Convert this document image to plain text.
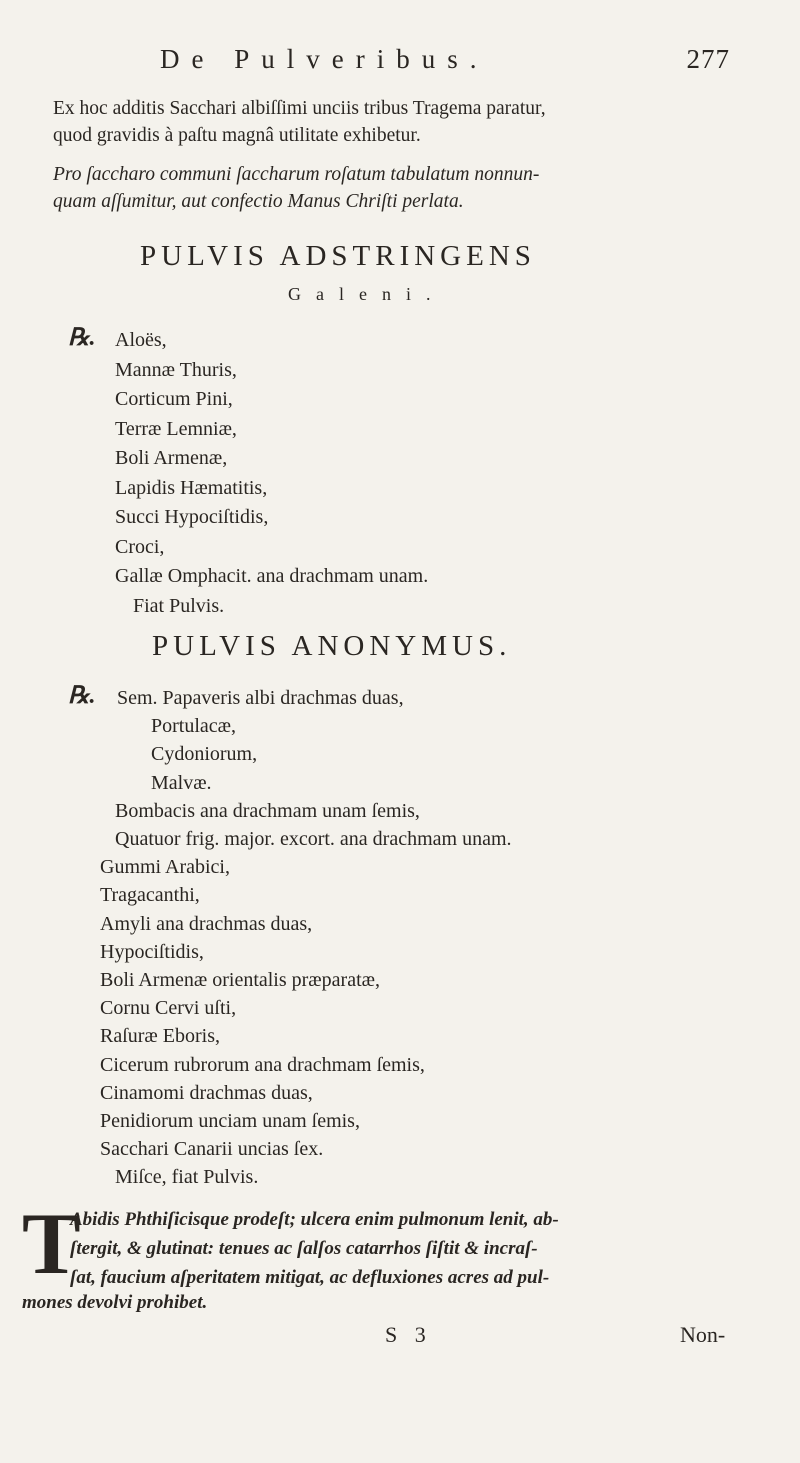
De Pulveribus.	277
Ex hoc additis Sacchari albiſſimi unciis tribus Tragema paratur,
quod gravidis à paſtu magnâ utilitate exhibetur.
Pro ſaccharo communi ſaccharum roſatum tabulatum nonnun-
quam aſſumitur, aut confectio Manus Chriſti perlata.
PULVIS ADSTRINGENS
Galeni.
℞. Aloës,
Mannæ Thuris,
Corticum Pini,
Terræ Lemniæ,
Boli Armenæ,
Lapidis Hæmatitis,
Succi Hypociſtidis,
Croci,
Gallæ Omphacit. ana drachmam unam.
Fiat Pulvis.
PULVIS ANONYMUS.
℞. Sem. Papaveris albi drachmas duas,
Portulacæ,
Cydoniorum,
Malvæ.
Bombacis ana drachmam unam ſemis,
Quatuor frig. major. excort. ana drachmam unam.
Gummi Arabici,
Tragacanthi,
Amyli ana drachmas duas,
Hypociſtidis,
Boli Armenæ orientalis præparatæ,
Cornu Cervi uſti,
Raſuræ Eboris,
Cicerum rubrorum ana drachmam ſemis,
Cinamomi drachmas duas,
Penidiorum unciam unam ſemis,
Sacchari Canarii uncias ſex.
Miſce, fiat Pulvis.
T
Abidis Phthiſicisque prodeſt; ulcera enim pulmonum lenit, ab-
ſtergit, & glutinat: tenues ac ſalſos catarrhos ſiſtit & incraſ-
ſat, faucium aſperitatem mitigat, ac defluxiones acres ad pul-
mones devolvi prohibet.
S 3	Non-
